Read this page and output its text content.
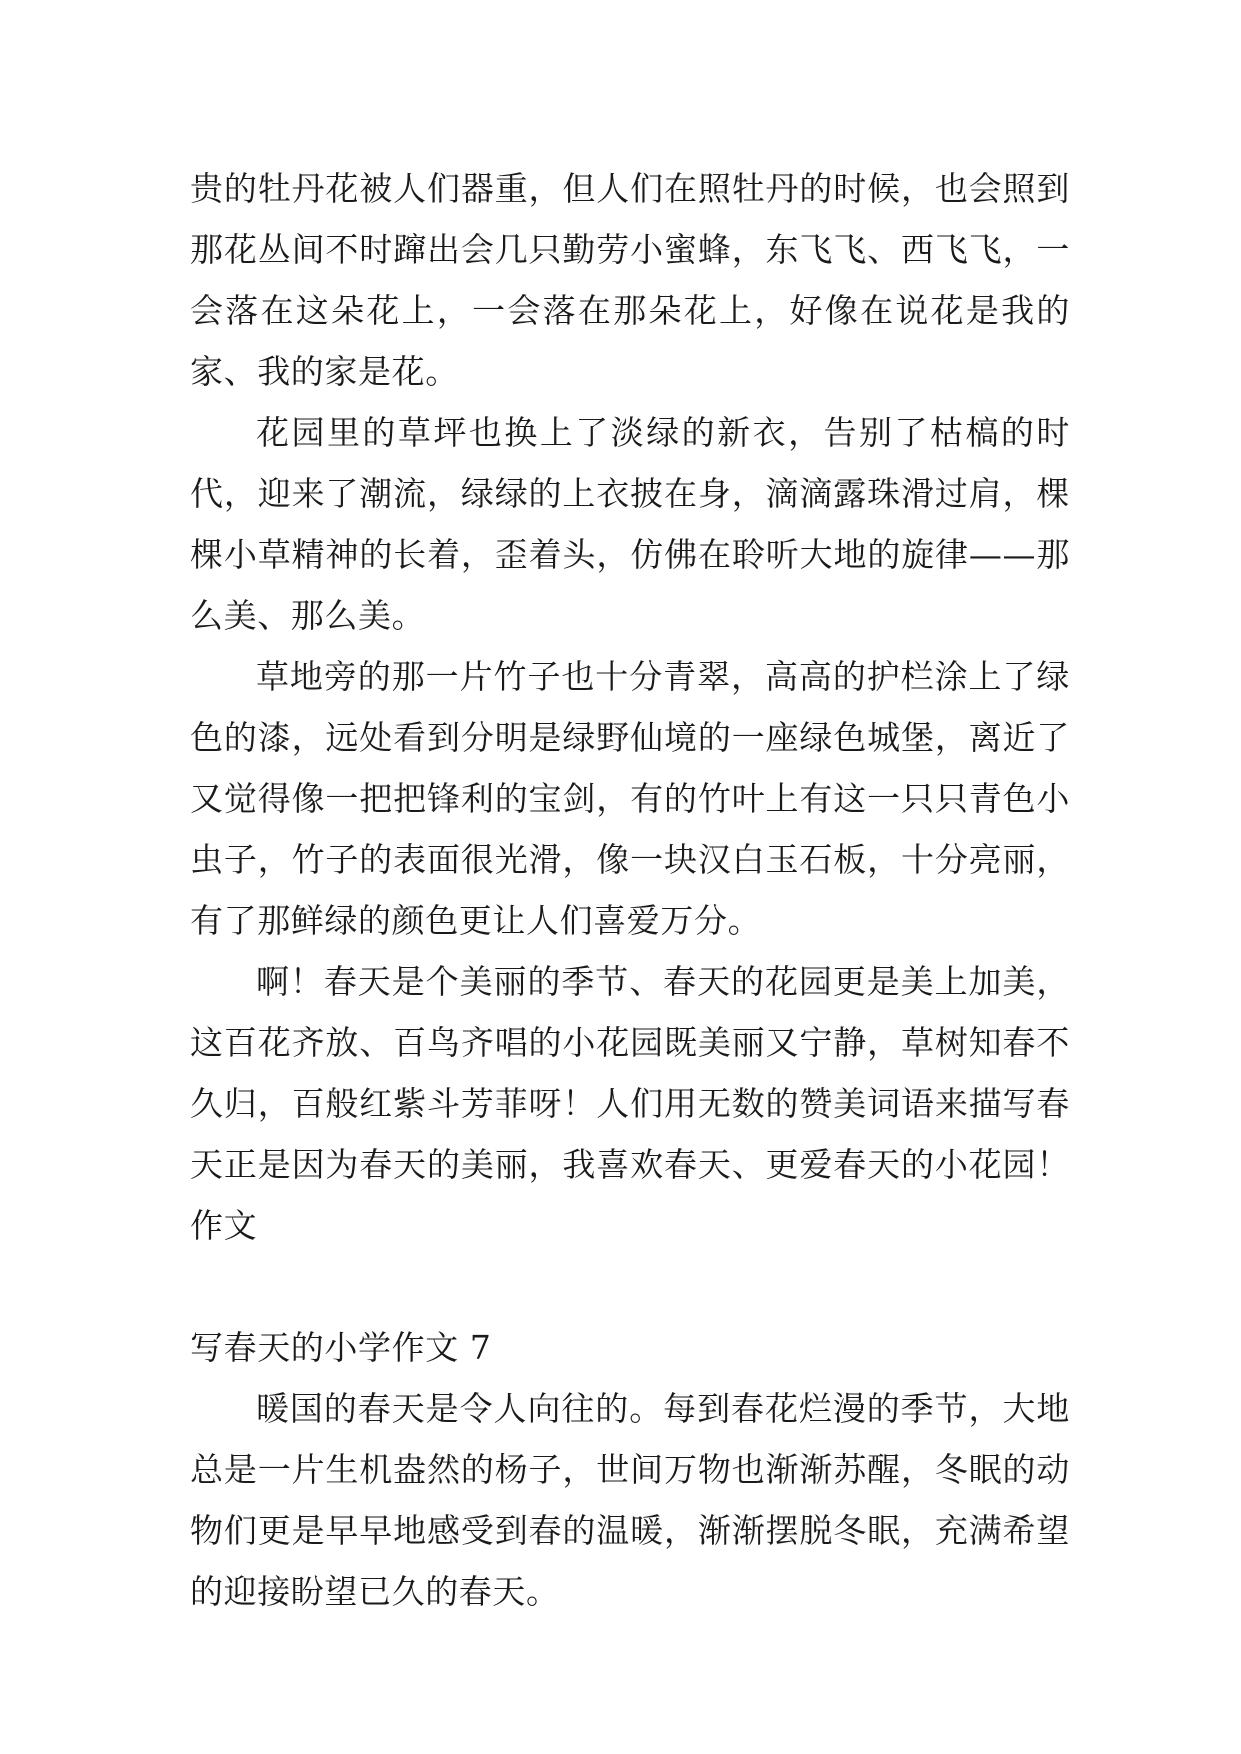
贵的牡丹花被人们器重，但人们在照牡丹的时候，也会照到那花丛间不时蹿出会几只勤劳小蜜蜂，东飞飞、西飞飞，一会落在这朵花上，一会落在那朵花上，好像在说花是我的家、我的家是花。

花园里的草坪也换上了淡绿的新衣，告别了枯槁的时代，迎来了潮流，绿绿的上衣披在身，滴滴露珠滑过肩，棵棵小草精神的长着，歪着头，仿佛在聆听大地的旋律——那么美、那么美。

草地旁的那一片竹子也十分青翠，高高的护栏涂上了绿色的漆，远处看到分明是绿野仙境的一座绿色城堡，离近了又觉得像一把把锋利的宝剑，有的竹叶上有这一只只青色小虫子，竹子的表面很光滑，像一块汉白玉石板，十分亮丽，有了那鲜绿的颜色更让人们喜爱万分。

啊！春天是个美丽的季节、春天的花园更是美上加美，这百花齐放、百鸟齐唱的小花园既美丽又宁静，草树知春不久归，百般红紫斗芳菲呀！人们用无数的赞美词语来描写春天正是因为春天的美丽，我喜欢春天、更爱春天的小花园！作文

写春天的小学作文 7

暖国的春天是令人向往的。每到春花烂漫的季节，大地总是一片生机盎然的杨子，世间万物也渐渐苏醒，冬眠的动物们更是早早地感受到春的温暖，渐渐摆脱冬眠，充满希望的迎接盼望已久的春天。
